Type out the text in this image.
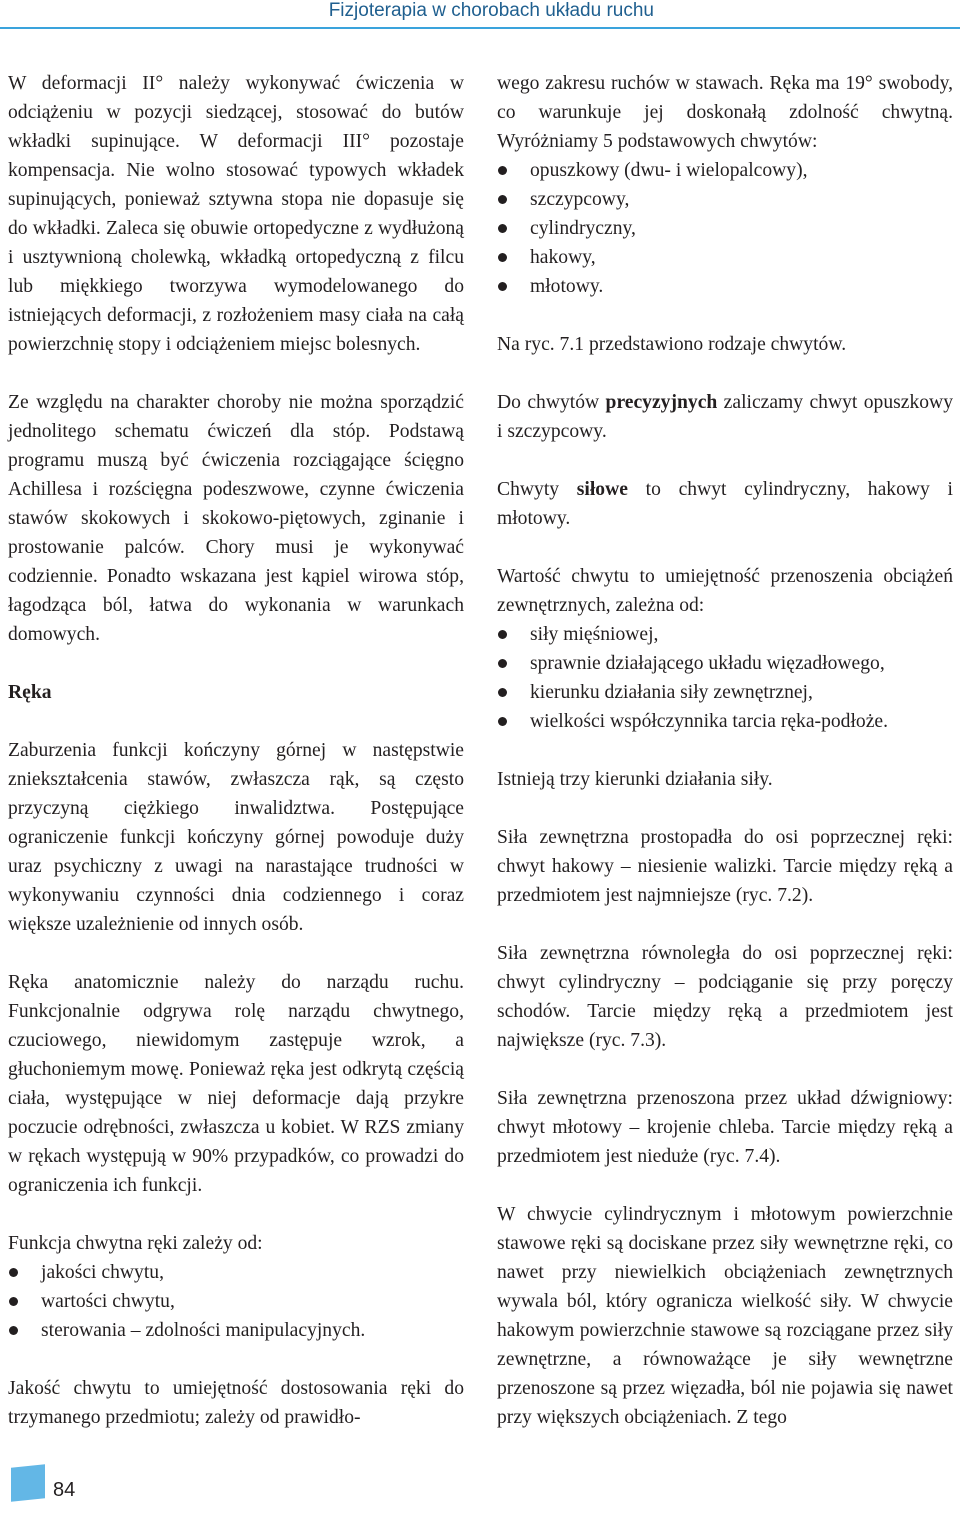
Fizjoterapia w chorobach układu ruchu

W deformacji II° należy wykonywać ćwiczenia w odciążeniu w pozycji siedzącej, stosować do butów wkładki supinujące. W deformacji III° pozostaje kompensacja. Nie wolno stosować typowych wkładek supinujących, ponieważ sztywna stopa nie dopasuje się do wkładki. Zaleca się obuwie ortopedyczne z wydłużoną i usztywnioną cholewką, wkładką ortopedyczną z filcu lub miękkiego tworzywa wymodelowanego do istniejących deformacji, z rozłożeniem masy ciała na całą powierzchnię stopy i odciążeniem miejsc bolesnych.

Ze względu na charakter choroby nie można sporządzić jednolitego schematu ćwiczeń dla stóp. Podstawą programu muszą być ćwiczenia rozciągające ścięgno Achillesa i rozścięgna podeszwowe, czynne ćwiczenia stawów skokowych i skokowo-piętowych, zginanie i prostowanie palców. Chory musi je wykonywać codziennie. Ponadto wskazana jest kąpiel wirowa stóp, łagodząca ból, łatwa do wykonania w warunkach domowych.

Ręka

Zaburzenia funkcji kończyny górnej w następstwie zniekształcenia stawów, zwłaszcza rąk, są często przyczyną ciężkiego inwalidztwa. Postępujące ograniczenie funkcji kończyny górnej powoduje duży uraz psychiczny z uwagi na narastające trudności w wykonywaniu czynności dnia codziennego i coraz większe uzależnienie od innych osób.

Ręka anatomicznie należy do narządu ruchu. Funkcjonalnie odgrywa rolę narządu chwytnego, czuciowego, niewidomym zastępuje wzrok, a głuchoniemym mowę. Ponieważ ręka jest odkrytą częścią ciała, występujące w niej deformacje dają przykre poczucie odrębności, zwłaszcza u kobiet. W RZS zmiany w rękach występują w 90% przypadków, co prowadzi do ograniczenia ich funkcji.

Funkcja chwytna ręki zależy od:

jakości chwytu,
wartości chwytu,
sterowania – zdolności manipulacyjnych.

Jakość chwytu to umiejętność dostosowania ręki do trzymanego przedmiotu; zależy od prawidło-

wego zakresu ruchów w stawach. Ręka ma 19° swobody, co warunkuje jej doskonałą zdolność chwytną. Wyróżniamy 5 podstawowych chwytów:

opuszkowy (dwu- i wielopalcowy),
szczypcowy,
cylindryczny,
hakowy,
młotowy.

Na ryc. 7.1 przedstawiono rodzaje chwytów.

Do chwytów precyzyjnych zaliczamy chwyt opuszkowy i szczypcowy.

Chwyty siłowe to chwyt cylindryczny, hakowy i młotowy.

Wartość chwytu to umiejętność przenoszenia obciążeń zewnętrznych, zależna od:

siły mięśniowej,
sprawnie działającego układu więzadłowego,
kierunku działania siły zewnętrznej,
wielkości współczynnika tarcia ręka-podłoże.

Istnieją trzy kierunki działania siły.

Siła zewnętrzna prostopadła do osi poprzecznej ręki: chwyt hakowy – niesienie walizki. Tarcie między ręką a przedmiotem jest najmniejsze (ryc. 7.2).

Siła zewnętrzna równoległa do osi poprzecznej ręki: chwyt cylindryczny – podciąganie się przy poręczy schodów. Tarcie między ręką a przedmiotem jest największe (ryc. 7.3).

Siła zewnętrzna przenoszona przez układ dźwigniowy: chwyt młotowy – krojenie chleba. Tarcie między ręką a przedmiotem jest nieduże (ryc. 7.4).

W chwycie cylindrycznym i młotowym powierzchnie stawowe ręki są dociskane przez siły wewnętrzne ręki, co nawet przy niewielkich obciążeniach zewnętrznych wywala ból, który ogranicza wielkość siły. W chwycie hakowym powierzchnie stawowe są rozciągane przez siły zewnętrzne, a równoważące je siły wewnętrzne przenoszone są przez więzadła, ból nie pojawia się nawet przy większych obciążeniach. Z tego

84
